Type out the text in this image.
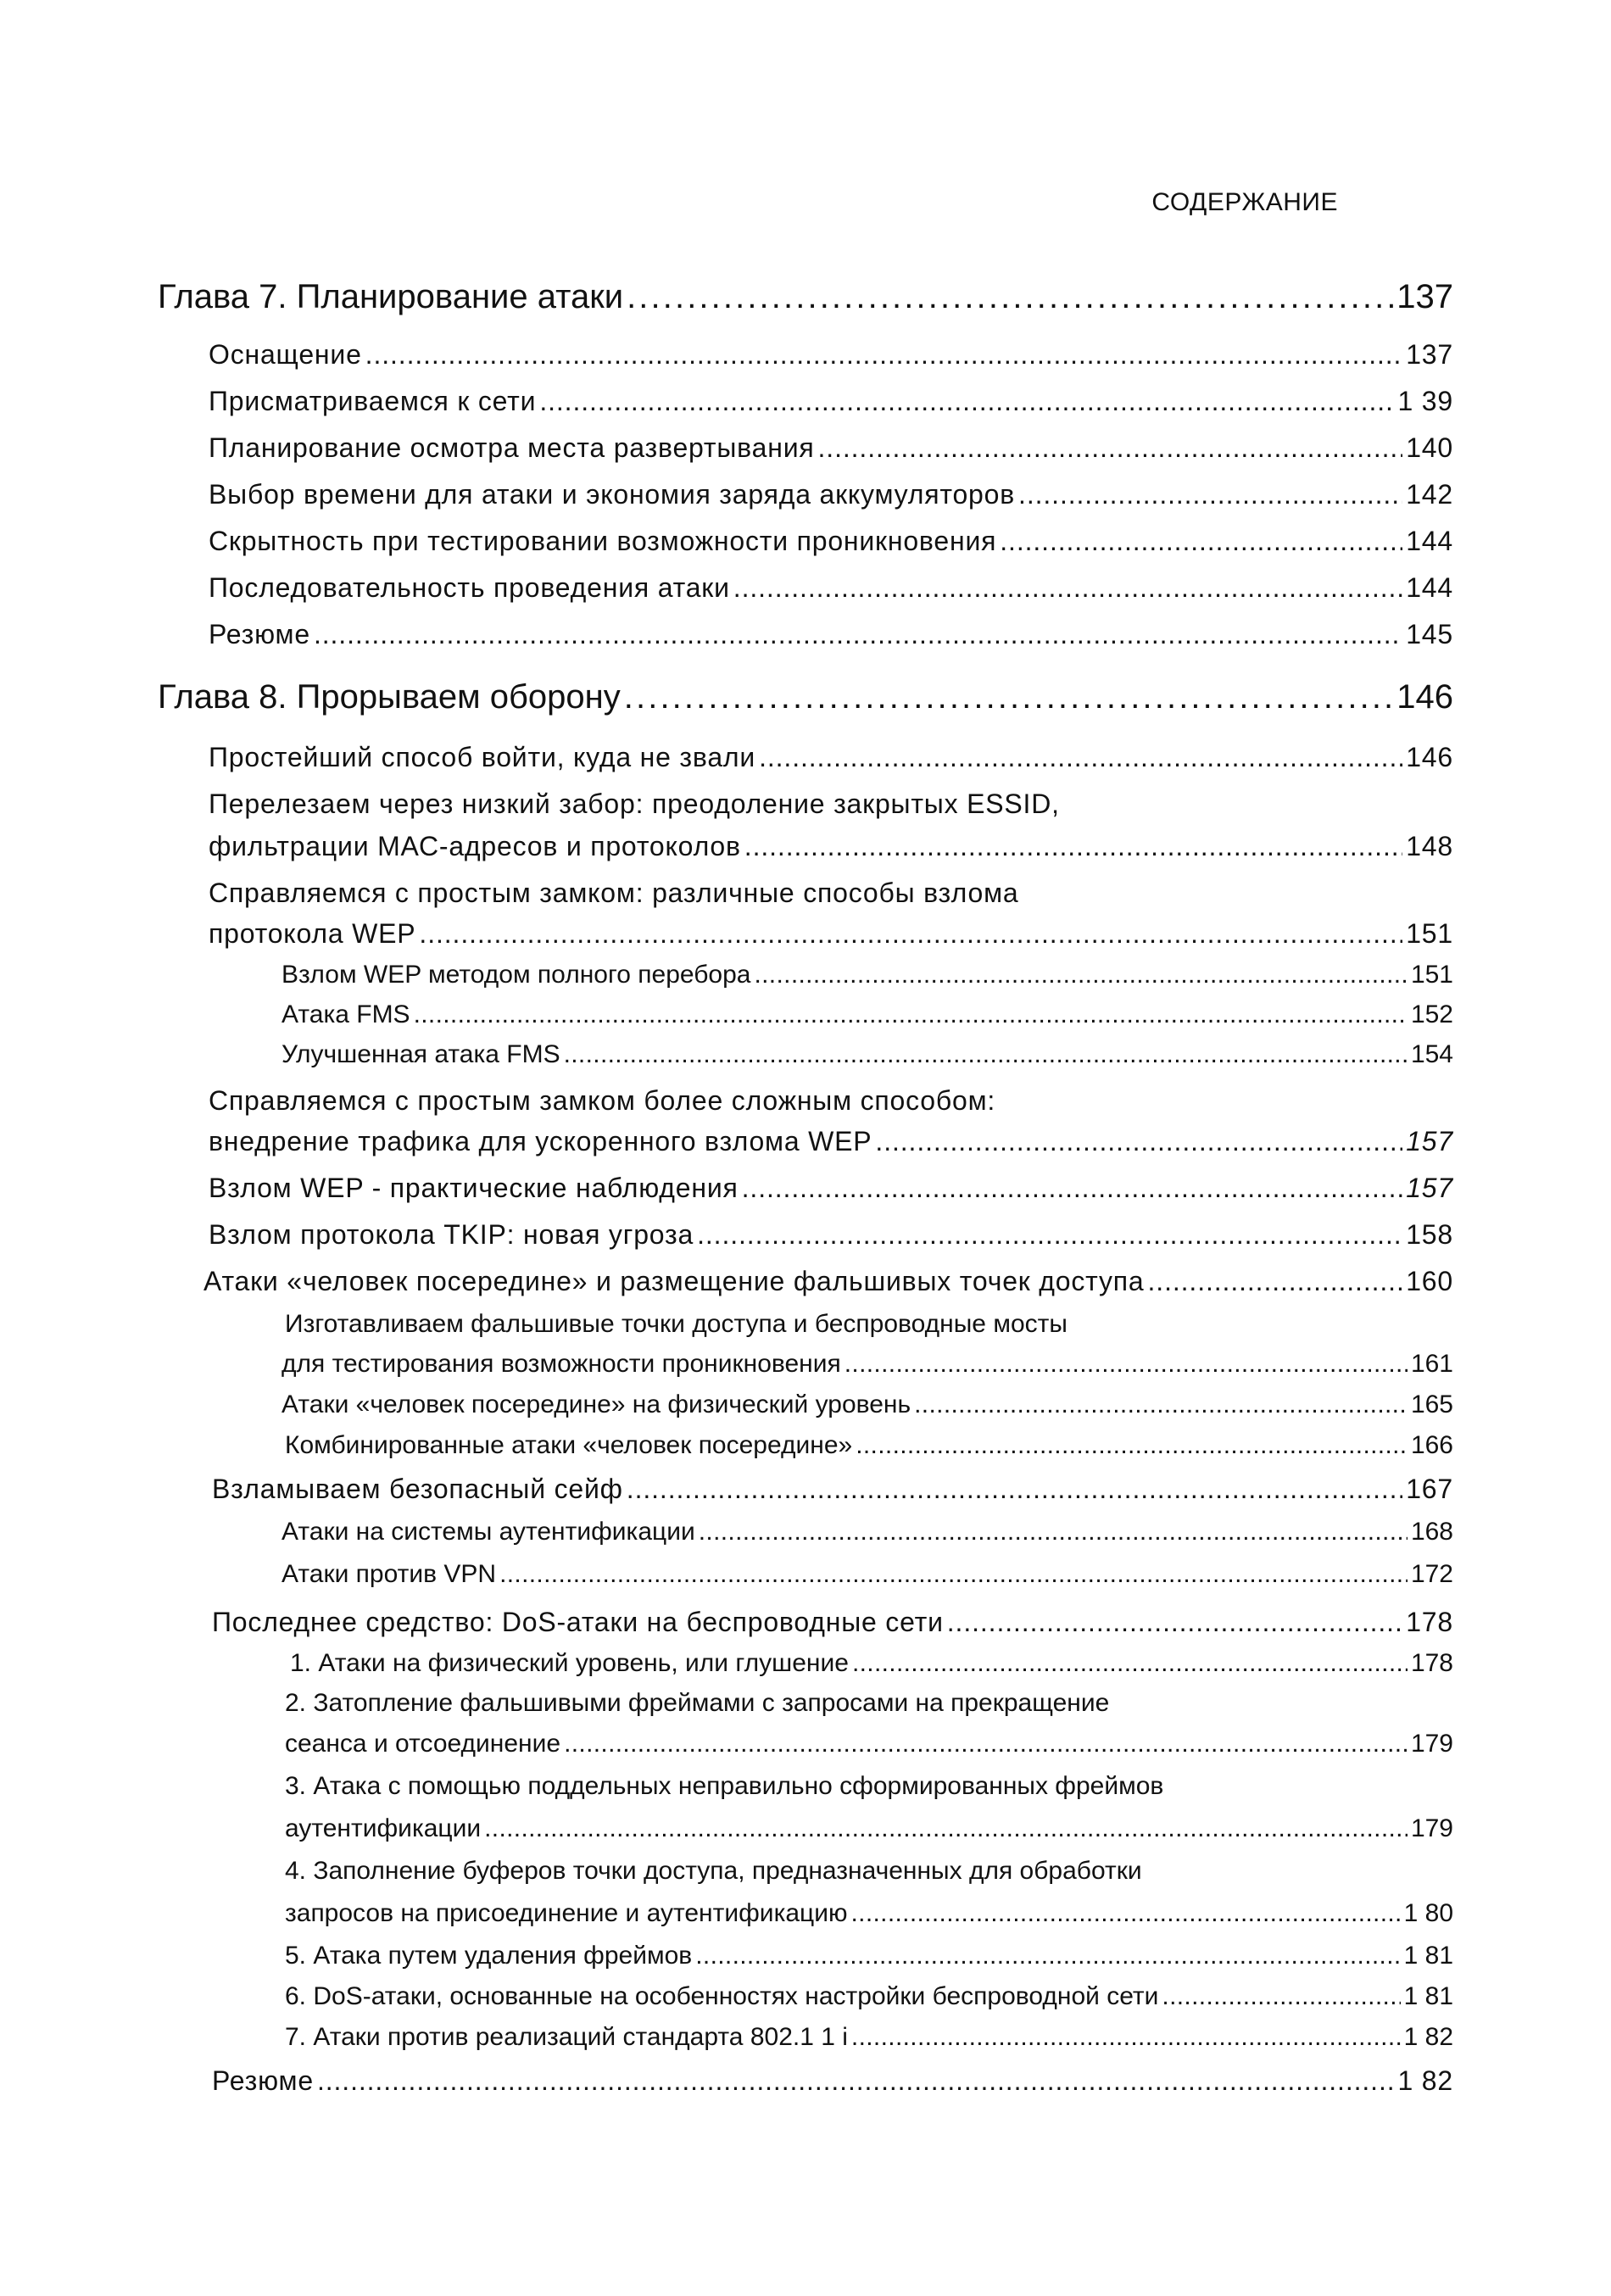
СОДЕРЖАНИЕ
Глава 7. Планирование атаки . . .	137
Оснащение . . .	137
Присматриваемся к сети . . .	1 39
Планирование осмотра места развертывания . . .	140
Выбор времени для атаки и экономия заряда аккумуляторов . . .	142
Скрытность при тестировании возможности проникновения . . .	144
Последовательность проведения атаки . . .	144
Резюме . . .	145
Глава 8. Прорываем оборону . . .	146
Простейший способ войти, куда не звали . . .	146
Перелезаем через низкий забор: преодоление закрытых ESSID,
фильтрации МАС-адресов и протоколов . . .	148
Справляемся с простым замком: различные способы взлома
протокола WEP . . .	151
Взлом WEP методом полного перебора . . .	151
Атака FMS . . .	152
Улучшенная атака FMS . . .	154
Справляемся с простым замком более сложным способом:
внедрение трафика для ускоренного взлома WEP . . .	157
Взлом WEP - практические наблюдения . . .	157
Взлом протокола TKIP: новая угроза . . .	158
Атаки «человек посередине» и размещение фальшивых точек доступа . . .	160
Изготавливаем фальшивые точки доступа и беспроводные мосты
для тестирования возможности проникновения . . .	161
Атаки «человек посередине» на физический уровень . . .	165
Комбинированные атаки «человек посередине» . . .	166
Взламываем безопасный сейф . . .	167
Атаки на системы аутентификации . . .	168
Атаки против VPN . . .	172
Последнее средство: DoS-атаки на беспроводные сети . . .	178
1. Атаки на физический уровень, или глушение . . .	178
2. Затопление фальшивыми фреймами с запросами на прекращение
сеанса и отсоединение . . .	179
3. Атака с помощью поддельных неправильно сформированных фреймов
аутентификации . . .	179
4. Заполнение буферов точки доступа, предназначенных для обработки
запросов на присоединение и аутентификацию . . .	1 80
5. Атака путем удаления фреймов . . .	1 81
6. DoS-атаки, основанные на особенностях настройки беспроводной сети . . .	1 81
7. Атаки против реализаций стандарта 802.1 1 i . . .	1 82
Резюме . . .	1 82
